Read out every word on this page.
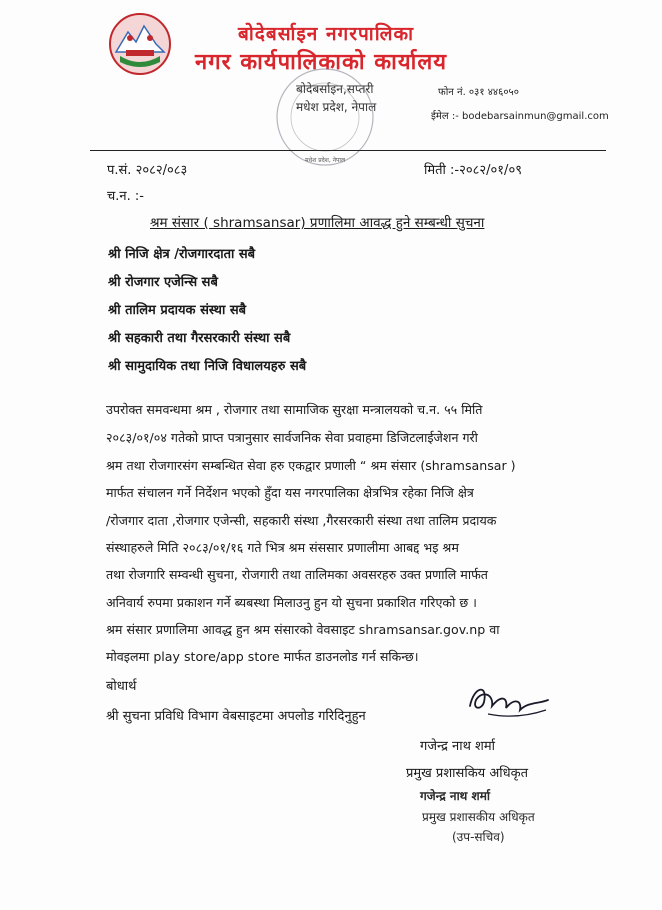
बोदेबर्साइन नगरपालिका
नगर कार्यपालिकाको कार्यालय
बोदेबर्साइन,सप्तरी
मधेश प्रदेश, नेपाल
फोन नं. ०३१ ४४६०५०
ईमेल :- bodebarsainmun@gmail.com
मधेश प्रदेश, नेपाल
प.सं. २०८२/०८३	मिती :-२०८२/०१/०९
च.न. :-
श्रम संसार ( shramsansar) प्रणालिमा आवद्ध हुने सम्बन्धी सुचना
श्री निजि क्षेत्र /रोजगारदाता सबै
श्री रोजगार एजेन्सि सबै
श्री तालिम प्रदायक संस्था सबै
श्री सहकारी तथा गैरसरकारी संस्था सबै
श्री सामुदायिक तथा निजि विधालयहरु सबै
उपरोक्त समवन्धमा श्रम , रोजगार तथा सामाजिक सुरक्षा मन्त्रालयको च.न. ५५ मिति
२०८३/०१/०४ गतेको प्राप्त पत्रानुसार सार्वजनिक सेवा प्रवाहमा डिजिटलाईजेशन गरी
श्रम तथा रोजगारसंग सम्बन्धित सेवा हरु एकद्वार प्रणाली “ श्रम संसार (shramsansar )
मार्फत संचालन गर्ने निर्देशन भएको हुँदा यस नगरपालिका क्षेत्रभित्र रहेका निजि क्षेत्र
/रोजगार दाता ,रोजगार एजेन्सी, सहकारी संस्था ,गैरसरकारी संस्था तथा तालिम प्रदायक
संस्थाहरुले मिति २०८३/०१/१६ गते भित्र श्रम संससार प्रणालीमा आबद्द भइ श्रम
तथा रोजगारि सम्वन्धी सुचना, रोजगारी तथा तालिमका अवसरहरु उक्त प्रणालि मार्फत
अनिवार्य रुपमा प्रकाशन गर्ने ब्यबस्था मिलाउनु हुन यो सुचना प्रकाशित गरिएको छ ।
श्रम संसार प्रणालिमा आवद्ध हुन श्रम संसारको वेवसाइट shramsansar.gov.np वा
मोवइलमा play store/app store मार्फत डाउनलोड गर्न सकिन्छ।
बोधार्थ
श्री सुचना प्रविधि विभाग वेबसाइटमा अपलोड गरिदिनुहुन
गजेन्द्र नाथ शर्मा
प्रमुख प्रशासकिय अधिकृत
गजेन्द्र नाथ शर्मा
प्रमुख प्रशासकीय अधिकृत
(उप-सचिव)
